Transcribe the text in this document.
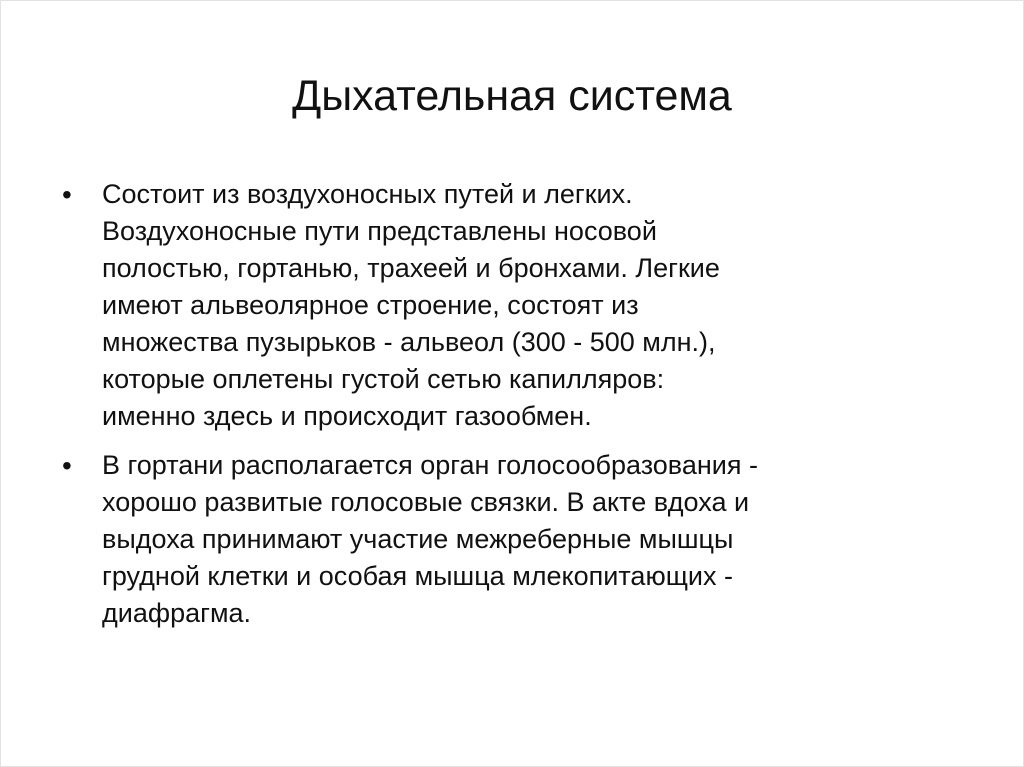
Дыхательная система
• Состоит из воздухоносных путей и легких.
Воздухоносные пути представлены носовой
полостью, гортанью, трахеей и бронхами. Легкие
имеют альвеолярное строение, состоят из
множества пузырьков - альвеол (300 - 500 млн.),
которые оплетены густой сетью капилляров:
именно здесь и происходит газообмен.
• В гортани располагается орган голосообразования -
хорошо развитые голосовые связки. В акте вдоха и
выдоха принимают участие межреберные мышцы
грудной клетки и особая мышца млекопитающих -
диафрагма.
